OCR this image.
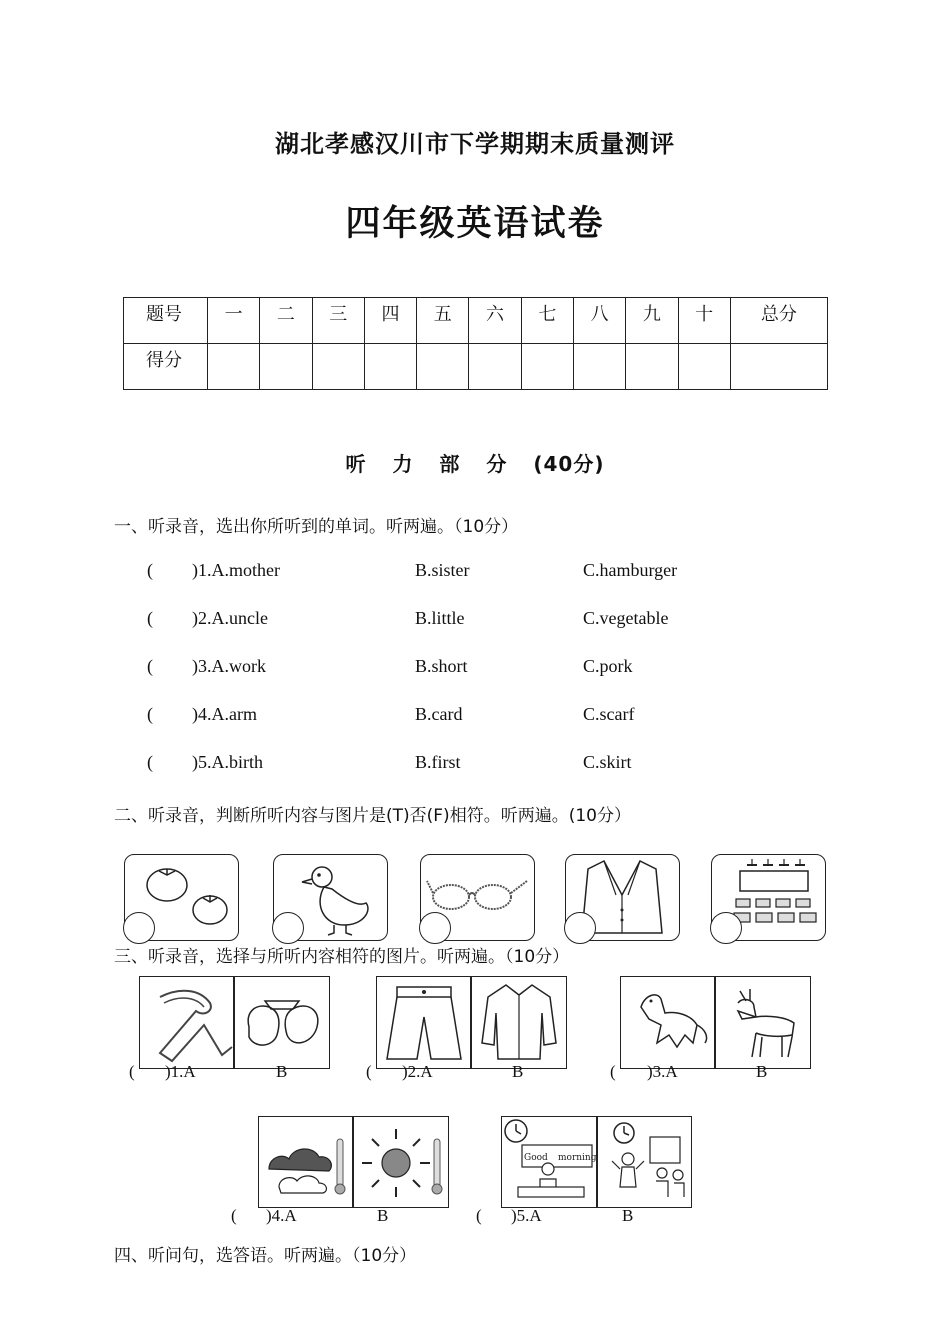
湖北孝感汉川市下学期期末质量测评
四年级英语试卷
题号	一	二	三	四	五	六	七	八	九	十	总分
得分											
听 力 部 分 (40分)
一、听录音，选出你所听到的单词。听两遍。（10分）
( )1.A.mother	B.sister	C.hamburger
( )2.A.uncle	B.little	C.vegetable
( )3.A.work	B.short	C.pork
( )4.A.arm	B.card	C.scarf
( )5.A.birth	B.first	C.skirt
二、听录音，判断所听内容与图片是(T)否(F)相符。听两遍。(10分）
三、听录音，选择与所听内容相符的图片。听两遍。（10分）
( )1.A	B	( )2.A	B	( )3.A	B
( )4.A	B
Good morning
( )5.A	B
四、听问句，选答语。听两遍。（10分）
